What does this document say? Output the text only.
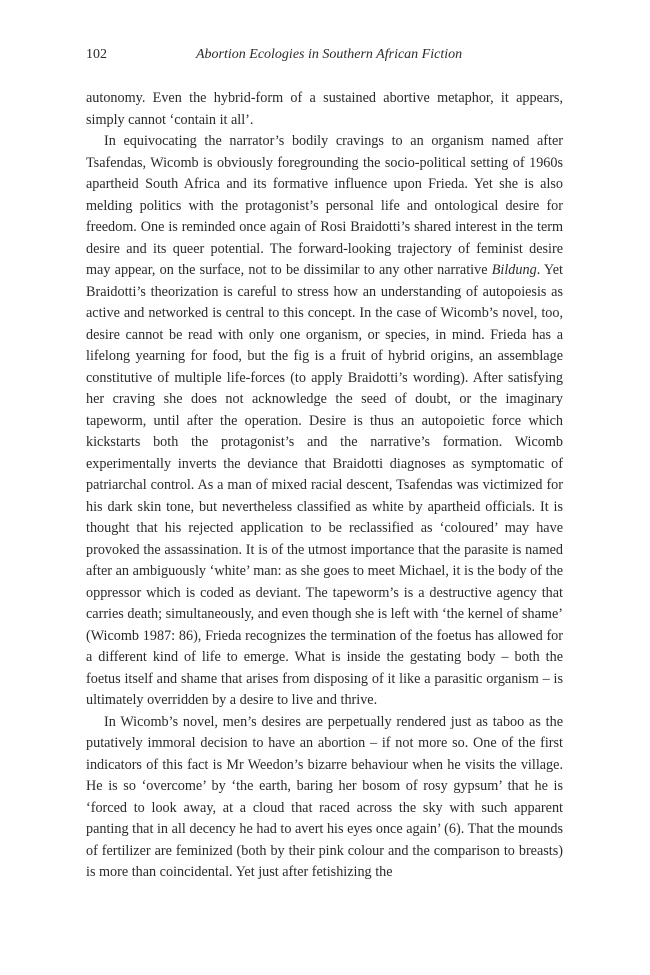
102	Abortion Ecologies in Southern African Fiction

autonomy. Even the hybrid-form of a sustained abortive metaphor, it appears, simply cannot ‘contain it all’.

In equivocating the narrator’s bodily cravings to an organism named after Tsafendas, Wicomb is obviously foregrounding the socio-political setting of 1960s apartheid South Africa and its formative influence upon Frieda. Yet she is also melding politics with the protagonist’s personal life and ontological desire for freedom. One is reminded once again of Rosi Braidotti’s shared interest in the term desire and its queer potential. The forward-looking trajectory of feminist desire may appear, on the surface, not to be dissimilar to any other narrative Bildung. Yet Braidotti’s theorization is careful to stress how an understanding of autopoiesis as active and networked is central to this concept. In the case of Wicomb’s novel, too, desire cannot be read with only one organism, or species, in mind. Frieda has a lifelong yearning for food, but the fig is a fruit of hybrid origins, an assemblage constitutive of multiple life-forces (to apply Braidotti’s wording). After satisfying her craving she does not acknowledge the seed of doubt, or the imaginary tapeworm, until after the operation. Desire is thus an autopoietic force which kickstarts both the protagonist’s and the narrative’s formation. Wicomb experimentally inverts the deviance that Braidotti diagnoses as symptomatic of patriarchal control. As a man of mixed racial descent, Tsafendas was victimized for his dark skin tone, but nevertheless classified as white by apartheid officials. It is thought that his rejected application to be reclassified as ‘coloured’ may have provoked the assassination. It is of the utmost importance that the parasite is named after an ambiguously ‘white’ man: as she goes to meet Michael, it is the body of the oppressor which is coded as deviant. The tapeworm’s is a destructive agency that carries death; simultaneously, and even though she is left with ‘the kernel of shame’ (Wicomb 1987: 86), Frieda recognizes the termination of the foetus has allowed for a different kind of life to emerge. What is inside the gestating body – both the foetus itself and shame that arises from disposing of it like a parasitic organism – is ultimately overridden by a desire to live and thrive.

In Wicomb’s novel, men’s desires are perpetually rendered just as taboo as the putatively immoral decision to have an abortion – if not more so. One of the first indicators of this fact is Mr Weedon’s bizarre behaviour when he visits the village. He is so ‘overcome’ by ‘the earth, baring her bosom of rosy gypsum’ that he is ‘forced to look away, at a cloud that raced across the sky with such apparent panting that in all decency he had to avert his eyes once again’ (6). That the mounds of fertilizer are feminized (both by their pink colour and the comparison to breasts) is more than coincidental. Yet just after fetishizing the
